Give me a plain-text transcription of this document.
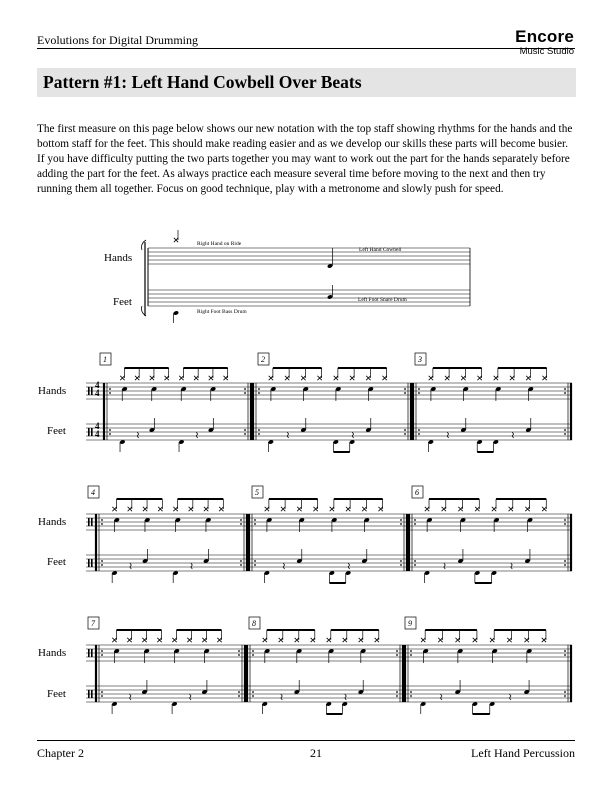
Evolutions for Digital Drumming	Encore
Music Studio
Pattern #1: Left Hand Cowbell Over Beats
The first measure on this page below shows our new notation with the top staff showing rhythms for the hands and the bottom staff for the feet. This should make reading easier and as we develop our skills these parts will become busier. If you have difficulty putting the two parts together you may want to work out the part for the hands separately before adding the part for the feet. As always practice each measure several time before moving to the next and then try running them all together. Focus on good technique, play with a metronome and slowly push for speed.
Hands
Feet
Right Hand on Ride
Left Hand Cowbell
Left Foot Snare Drum
Right Foot Bass Drum
Hands
Feet
Hands
Feet
Hands
Feet
4
4
4
4
1	2	3
4	5	6
7	8	9
Chapter 2	21	Left Hand Percussion
